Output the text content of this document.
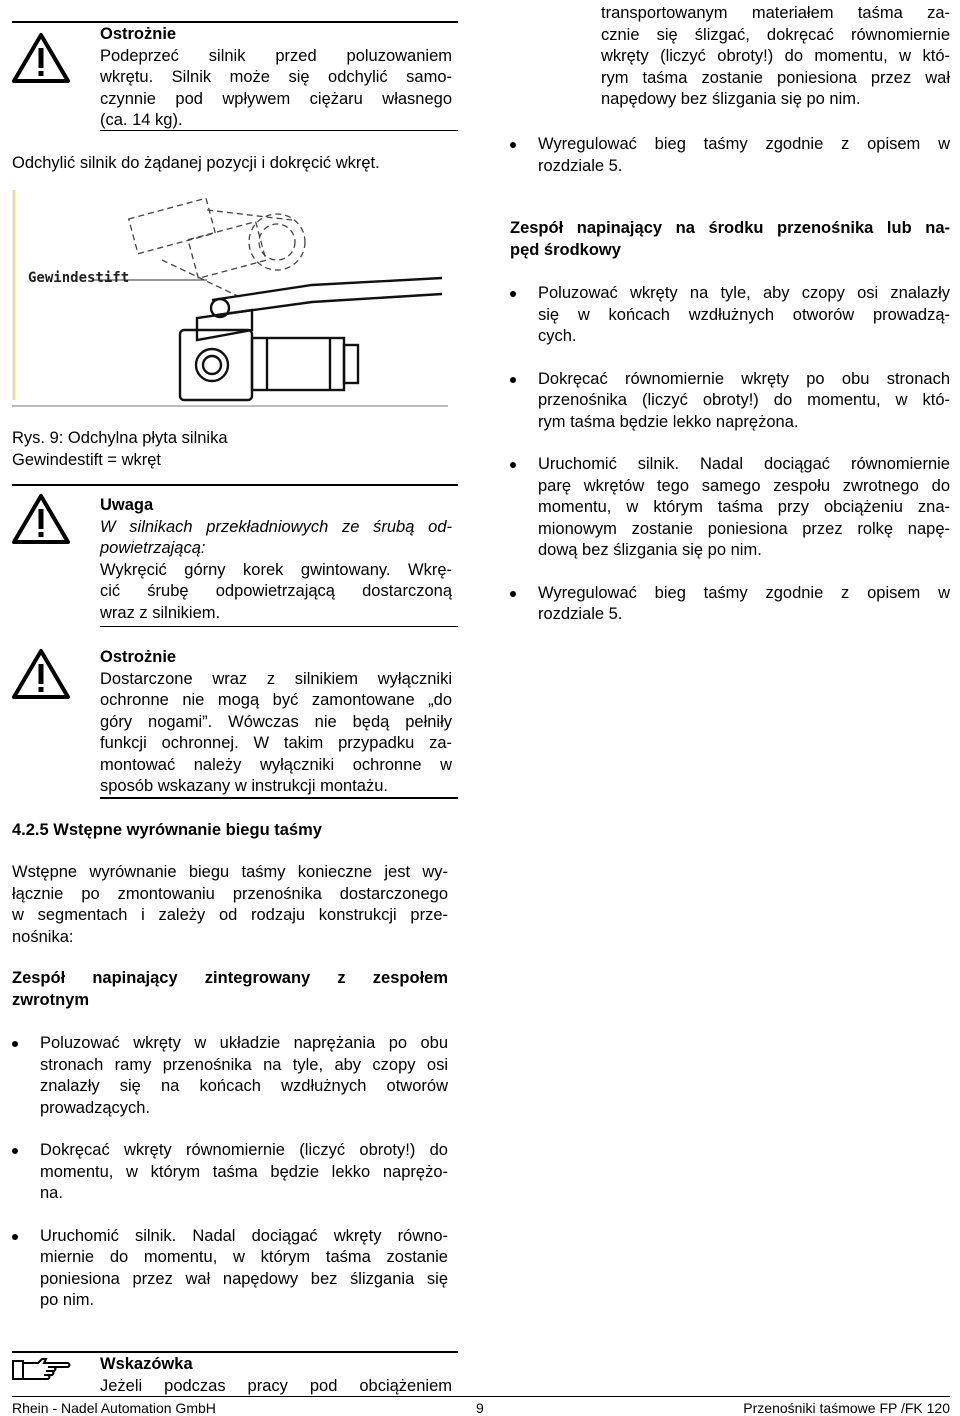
Ostrożnie
Podeprzeć silnik przed poluzowaniem
wkrętu. Silnik może się odchylić samo-
czynnie pod wpływem ciężaru własnego
(ca. 14 kg).
Odchylić silnik do żądanej pozycji i dokręcić wkręt.
Gewindestift
Rys. 9: Odchylna płyta silnika
Gewindestift = wkręt
Uwaga
W silnikach przekładniowych ze śrubą od-
powietrzającą:
Wykręcić górny korek gwintowany. Wkrę-
cić śrubę odpowietrzającą dostarczoną
wraz z silnikiem.
Ostrożnie
Dostarczone wraz z silnikiem wyłączniki
ochronne nie mogą być zamontowane „do
góry nogami”. Wówczas nie będą pełniły
funkcji ochronnej. W takim przypadku za-
montować należy wyłączniki ochronne w
sposób wskazany w instrukcji montażu.
4.2.5 Wstępne wyrównanie biegu taśmy
Wstępne wyrównanie biegu taśmy konieczne jest wy-
łącznie po zmontowaniu przenośnika dostarczonego
w segmentach i zależy od rodzaju konstrukcji prze-
nośnika:
Zespół napinający zintegrowany z zespołem
zwrotnym
Poluzować wkręty w układzie naprężania po obu
stronach ramy przenośnika na tyle, aby czopy osi
znalazły się na końcach wzdłużnych otworów
prowadzących.
Dokręcać wkręty równomiernie (liczyć obroty!) do
momentu, w którym taśma będzie lekko naprężo-
na.
Uruchomić silnik. Nadal dociągać wkręty równo-
miernie do momentu, w którym taśma zostanie
poniesiona przez wał napędowy bez ślizgania się
po nim.
Wskazówka
Jeżeli podczas pracy pod obciążeniem
transportowanym materiałem taśma za-
cznie się ślizgać, dokręcać równomiernie
wkręty (liczyć obroty!) do momentu, w któ-
rym taśma zostanie poniesiona przez wał
napędowy bez ślizgania się po nim.
Wyregulować bieg taśmy zgodnie z opisem w
rozdziale 5.
Zespół napinający na środku przenośnika lub na-
pęd środkowy
Poluzować wkręty na tyle, aby czopy osi znalazły
się w końcach wzdłużnych otworów prowadzą-
cych.
Dokręcać równomiernie wkręty po obu stronach
przenośnika (liczyć obroty!) do momentu, w któ-
rym taśma będzie lekko naprężona.
Uruchomić silnik. Nadal dociągać równomiernie
parę wkrętów tego samego zespołu zwrotnego do
momentu, w którym taśma przy obciążeniu zna-
mionowym zostanie poniesiona przez rolkę napę-
dową bez ślizgania się po nim.
Wyregulować bieg taśmy zgodnie z opisem w
rozdziale 5.
Rhein - Nadel Automation GmbH	9	Przenośniki taśmowe FP /FK 120
